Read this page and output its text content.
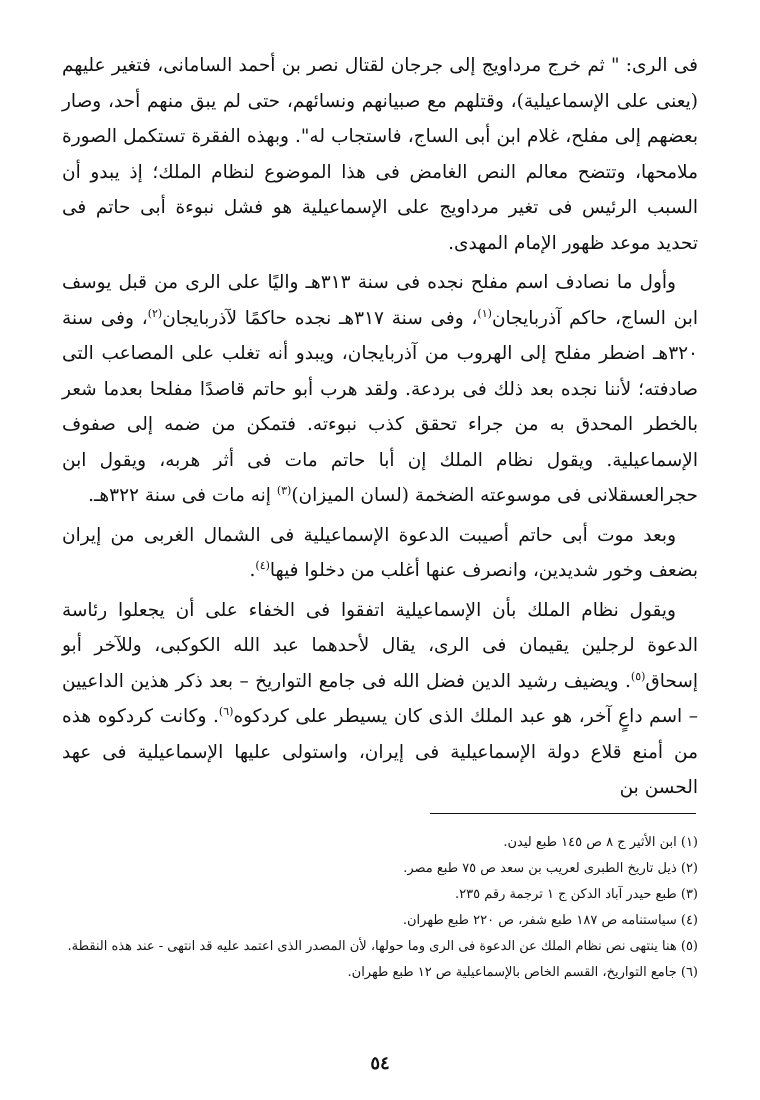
فى الرى: " ثم خرج مرداويج إلى جرجان لقتال نصر بن أحمد السامانى، فتغير عليهم (يعنى على الإسماعيلية)، وقتلهم مع صبيانهم ونسائهم، حتى لم يبق منهم أحد، وصار بعضهم إلى مفلح، غلام ابن أبى الساج، فاستجاب له". وبهذه الفقرة تستكمل الصورة ملامحها، وتتضح معالم النص الغامض فى هذا الموضوع لنظام الملك؛ إذ يبدو أن السبب الرئيس فى تغير مرداويج على الإسماعيلية هو فشل نبوءة أبى حاتم فى تحديد موعد ظهور الإمام المهدى.

وأول ما نصادف اسم مفلح نجده فى سنة ٣١٣هـ واليًا على الرى من قبل يوسف ابن الساج، حاكم آذربايجان$^{(١)}$، وفى سنة ٣١٧هـ نجده حاكمًا لآذربايجان$^{(٢)}$، وفى سنة ٣٢٠هـ اضطر مفلح إلى الهروب من آذربايجان، ويبدو أنه تغلب على المصاعب التى صادفته؛ لأننا نجده بعد ذلك فى بردعة. ولقد هرب أبو حاتم قاصدًا مفلحا بعدما شعر بالخطر المحدق به من جراء تحقق كذب نبوءته. فتمكن من ضمه إلى صفوف الإسماعيلية. ويقول نظام الملك إن أبا حاتم مات فى أثر هربه، ويقول ابن حجرالعسقلانى فى موسوعته الضخمة (لسان الميزان)$^{(٣)}$ إنه مات فى سنة ٣٢٢هـ.

وبعد موت أبى حاتم أصيبت الدعوة الإسماعيلية فى الشمال الغربى من إيران بضعف وخور شديدين، وانصرف عنها أغلب من دخلوا فيها$^{(٤)}$.

ويقول نظام الملك بأن الإسماعيلية اتفقوا فى الخفاء على أن يجعلوا رئاسة الدعوة لرجلين يقيمان فى الرى، يقال لأحدهما عبد الله الكوكبى، وللآخر أبو إسحاق$^{(٥)}$. ويضيف رشيد الدين فضل الله فى جامع التواريخ – بعد ذكر هذين الداعيين – اسم داعٍ آخر، هو عبد الملك الذى كان يسيطر على كردكوه$^{(٦)}$. وكانت كردكوه هذه من أمنع قلاع دولة الإسماعيلية فى إيران، واستولى عليها الإسماعيلية فى عهد الحسن بن

(١) ابن الأثير ج ٨ ص ١٤٥ طبع ليدن.

(٢) ذيل تاريخ الطبرى لعريب بن سعد ص ٧٥ طبع مصر.

(٣) طبع حيدر آباد الدكن ج ١ ترجمة رقم ٢٣٥.

(٤) سياستنامه ص ١٨٧ طبع شفر، ص ٢٢٠ طبع طهران.

(٥) هنا ينتهى نص نظام الملك عن الدعوة فى الرى وما حولها، لأن المصدر الذى اعتمد عليه قد انتهى - عند هذه النقطة.

(٦) جامع التواريخ، القسم الخاص بالإسماعيلية ص ١٢ طبع طهران.

٥٤
